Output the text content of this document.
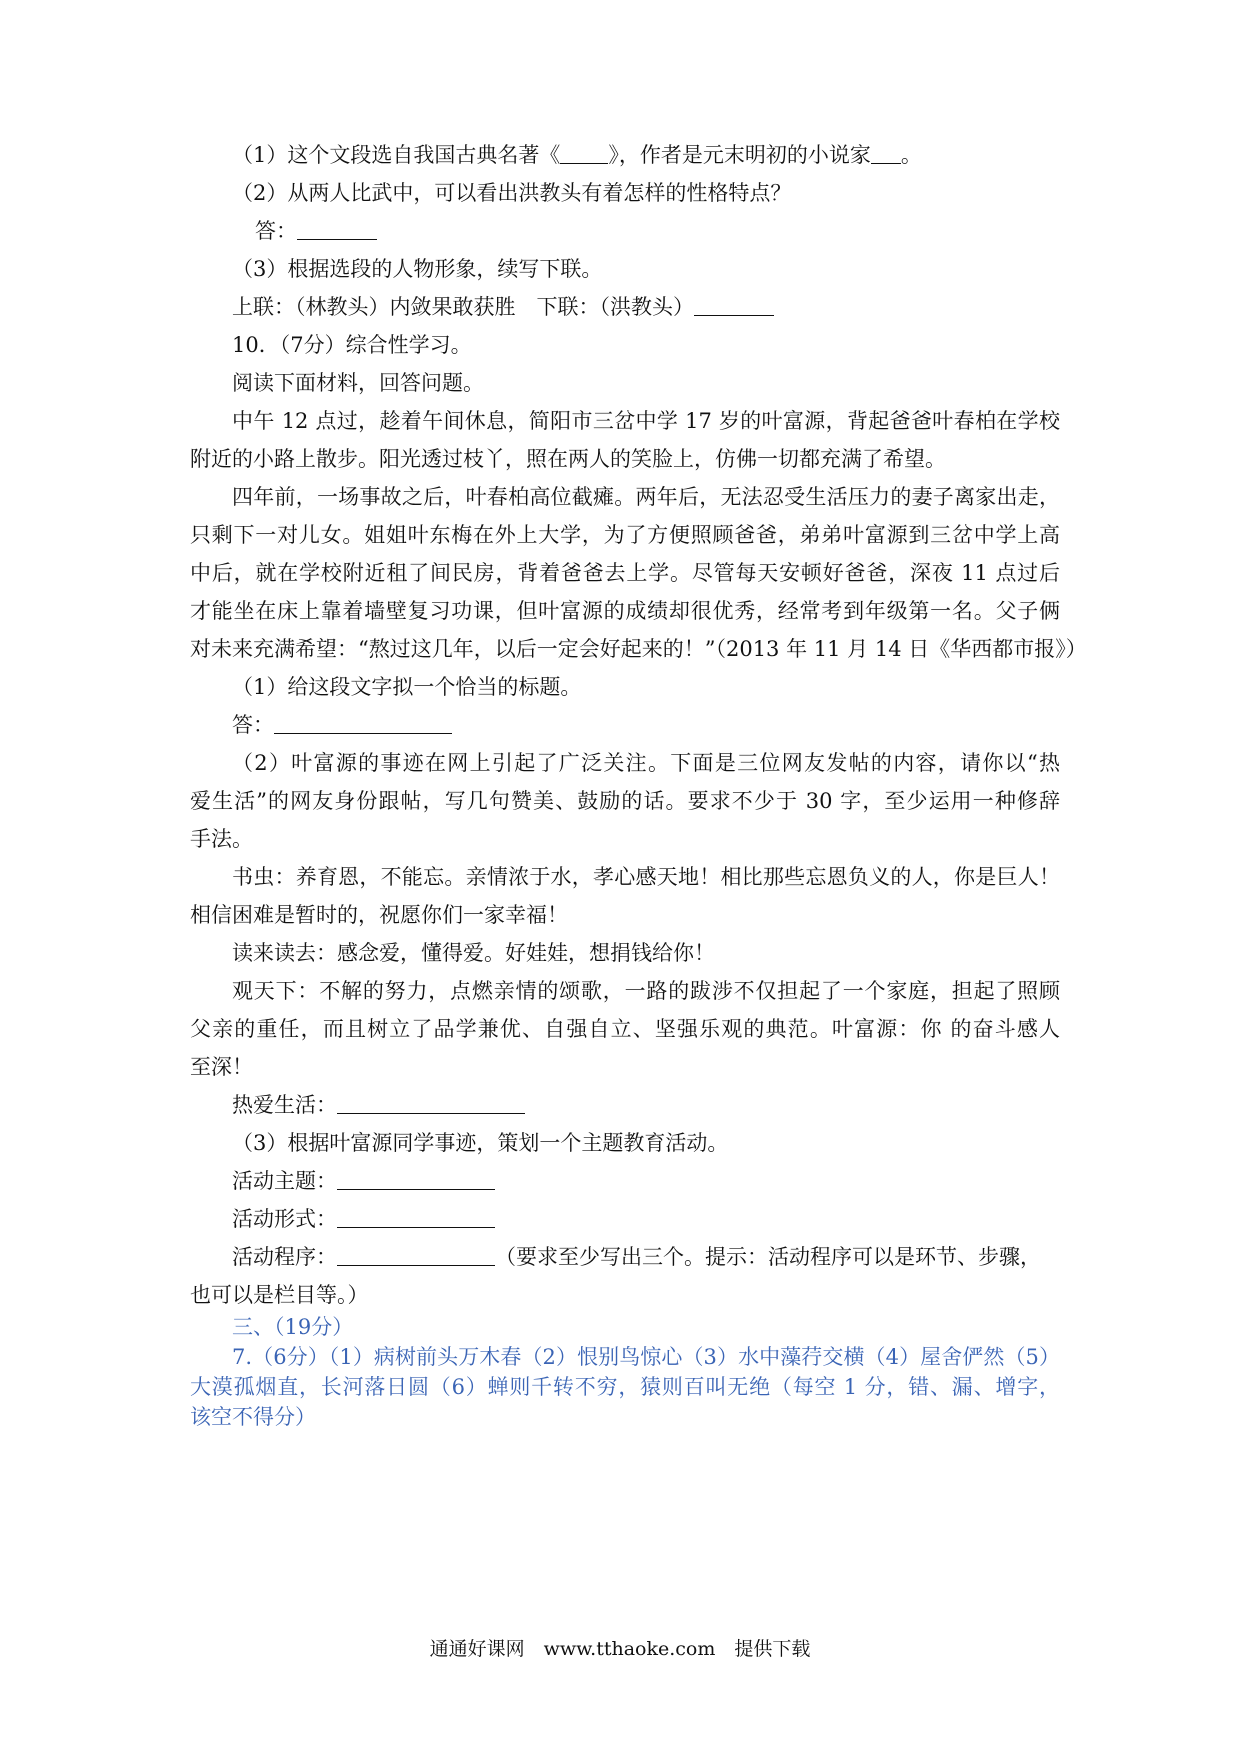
（1）这个文段选自我国古典名著《 》，作者是元末明初的小说家 。
（2）从两人比武中，可以看出洪教头有着怎样的性格特点？
答：
（3）根据选段的人物形象，续写下联。
上联：（林教头）内敛果敢获胜　下联：（洪教头）
10．（7分）综合性学习。
阅读下面材料，回答问题。
中午 12 点过，趁着午间休息，简阳市三岔中学 17 岁的叶富源，背起爸爸叶春柏在学校
附近的小路上散步。阳光透过枝丫，照在两人的笑脸上，仿佛一切都充满了希望。
四年前，一场事故之后，叶春柏高位截瘫。两年后，无法忍受生活压力的妻子离家出走，
只剩下一对儿女。姐姐叶东梅在外上大学，为了方便照顾爸爸，弟弟叶富源到三岔中学上高
中后，就在学校附近租了间民房，背着爸爸去上学。尽管每天安顿好爸爸，深夜 11 点过后
才能坐在床上靠着墙壁复习功课，但叶富源的成绩却很优秀，经常考到年级第一名。父子俩
对未来充满希望：“熬过这几年，以后一定会好起来的！”（2013 年 11 月 14 日《华西都市报》）
（1）给这段文字拟一个恰当的标题。
答：
（2）叶富源的事迹在网上引起了广泛关注。下面是三位网友发帖的内容，请你以“热
爱生活”的网友身份跟帖，写几句赞美、鼓励的话。要求不少于 30 字，至少运用一种修辞
手法。
书虫：养育恩，不能忘。亲情浓于水，孝心感天地！相比那些忘恩负义的人，你是巨人！
相信困难是暂时的，祝愿你们一家幸福！
读来读去：感念爱，懂得爱。好娃娃，想捐钱给你！
观天下：不解的努力，点燃亲情的颂歌，一路的跋涉不仅担起了一个家庭，担起了照顾
父亲的重任，而且树立了品学兼优、自强自立、坚强乐观的典范。叶富源：你 的奋斗感人
至深！
热爱生活：
（3）根据叶富源同学事迹，策划一个主题教育活动。
活动主题：
活动形式：
活动程序：	（要求至少写出三个。提示：活动程序可以是环节、步骤，
也可以是栏目等。）
三、（19分）
7.（6分）（1）病树前头万木春（2）恨别鸟惊心（3）水中藻荇交横（4）屋舍俨然（5）
大漠孤烟直，长河落日圆（6）蝉则千转不穷，猿则百叫无绝（每空 1 分，错、漏、增字，
该空不得分）
通通好课网　www.tthaoke.com　提供下载
